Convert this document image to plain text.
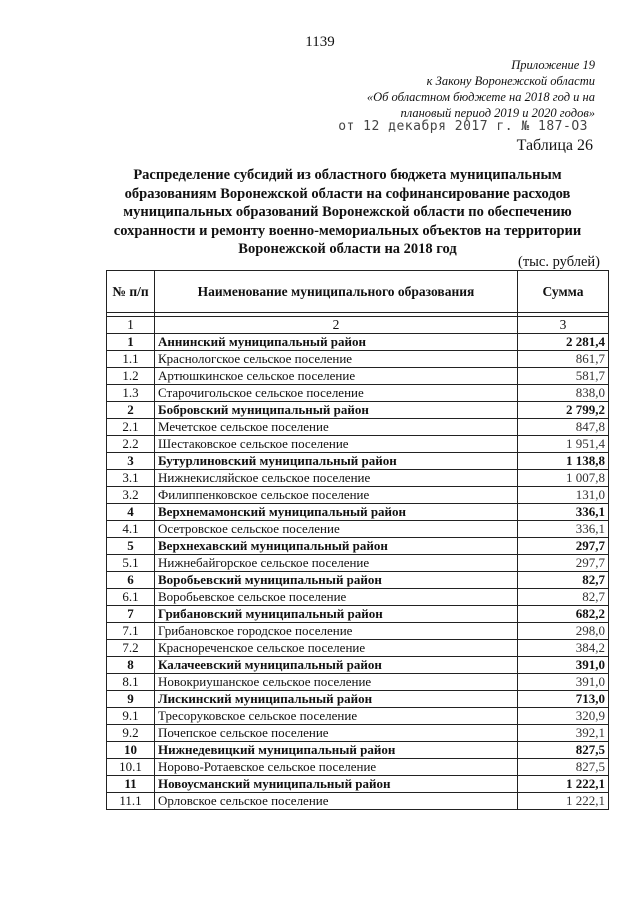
1139
Приложение 19
к Закону Воронежской области
«Об областном бюджете на 2018 год и на
плановый период 2019 и 2020 годов»
от 12 декабря 2017 г. № 187-ОЗ
Таблица 26
Распределение субсидий из областного бюджета муниципальным образованиям Воронежской области на софинансирование расходов муниципальных образований Воронежской области по обеспечению сохранности и ремонту военно-мемориальных объектов на территории Воронежской области на 2018 год
(тыс. рублей)
№ п/п	Наименование муниципального образования	Сумма

1	2	3
1	Аннинский муниципальный район	2 281,4
1.1	Краснологское сельское поселение	861,7
1.2	Артюшкинское сельское поселение	581,7
1.3	Старочигольское сельское поселение	838,0
2	Бобровский муниципальный район	2 799,2
2.1	Мечетское сельское поселение	847,8
2.2	Шестаковское сельское поселение	1 951,4
3	Бутурлиновский муниципальный район	1 138,8
3.1	Нижнекисляйское сельское поселение	1 007,8
3.2	Филиппенковское сельское поселение	131,0
4	Верхнемамонский муниципальный район	336,1
4.1	Осетровское сельское поселение	336,1
5	Верхнехавский муниципальный район	297,7
5.1	Нижнебайгорское сельское поселение	297,7
6	Воробьевский муниципальный район	82,7
6.1	Воробьевское сельское поселение	82,7
7	Грибановский муниципальный район	682,2
7.1	Грибановское городское поселение	298,0
7.2	Краснореченское сельское поселение	384,2
8	Калачеевский муниципальный район	391,0
8.1	Новокриушанское сельское поселение	391,0
9	Лискинский муниципальный район	713,0
9.1	Тресоруковское сельское поселение	320,9
9.2	Почепское сельское поселение	392,1
10	Нижнедевицкий муниципальный район	827,5
10.1	Норово-Ротаевское сельское поселение	827,5
11	Новоусманский муниципальный район	1 222,1
11.1	Орловское сельское поселение	1 222,1
